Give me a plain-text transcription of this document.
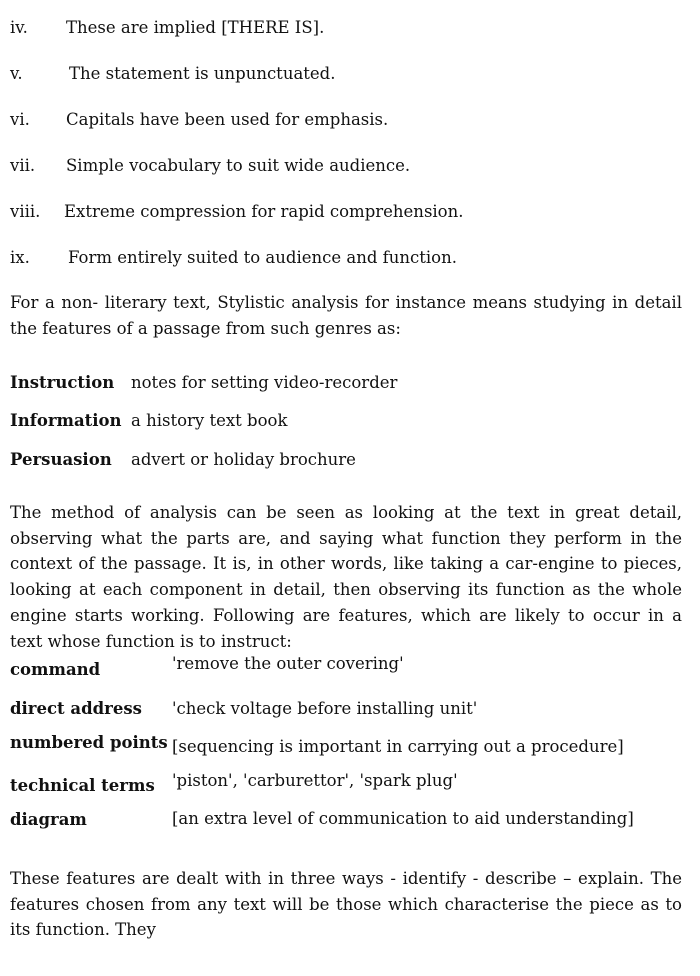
iv. These are implied [THERE IS].
v.	The statement is unpunctuated.
vi. Capitals have been used for emphasis.
vii. Simple vocabulary to suit wide audience.
viii. Extreme compression for rapid comprehension.
ix. Form entirely suited to audience and function.

For a non- literary text, Stylistic analysis for instance means studying in detail the features of a passage from such genres as:

Instruction notes for setting video-recorder
Information a history text book
Persuasion advert or holiday brochure

The method of analysis can be seen as looking at the text in great detail, observing what the parts are, and saying what function they perform in the context of the passage. It is, in other words, like taking a car-engine to pieces, looking at each component in detail, then observing its function as the whole engine starts working. Following are features, which are likely to occur in a text whose function is to instruct:

command	'remove the outer covering'
direct address 'check voltage before installing unit'
numbered points [sequencing is important in carrying out a procedure]
technical terms 'piston', 'carburettor', 'spark plug'
diagram	[an extra level of communication to aid understanding]

These features are dealt with in three ways - identify - describe – explain. The features chosen from any text will be those which characterise the piece as to its function. They
